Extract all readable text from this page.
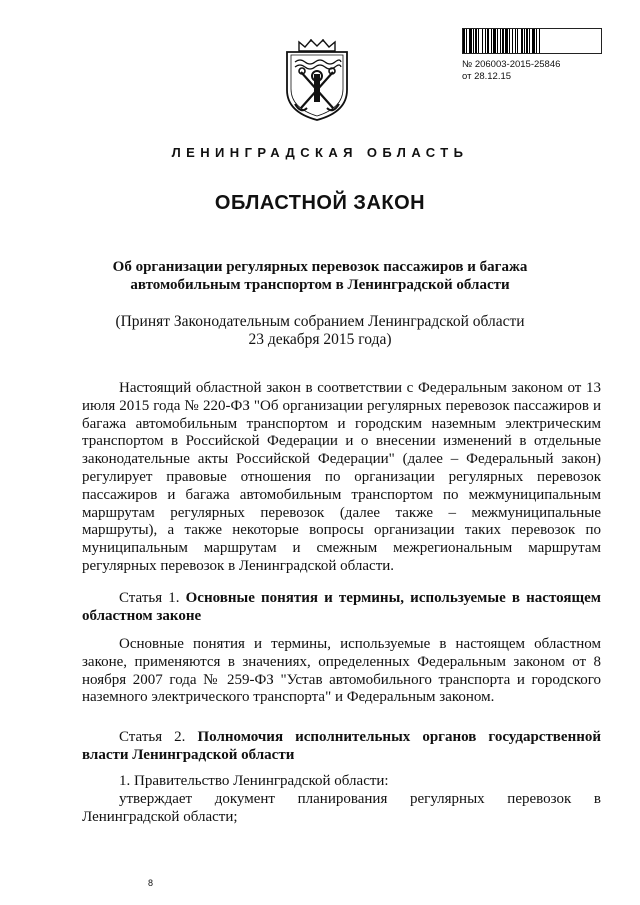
№ 206003-2015-25846
от 28.12.15
ЛЕНИНГРАДСКАЯ ОБЛАСТЬ
ОБЛАСТНОЙ ЗАКОН
Об организации регулярных перевозок пассажиров и багажа автомобильным транспортом в Ленинградской области
(Принят Законодательным собранием Ленинградской области
23 декабря 2015 года)

Настоящий областной закон в соответствии с Федеральным законом от 13 июля 2015 года № 220-ФЗ "Об организации регулярных перевозок пассажиров и багажа автомобильным транспортом и городским наземным электрическим транспортом в Российской Федерации и о внесении изменений в отдельные законодательные акты Российской Федерации" (далее – Федеральный закон) регулирует правовые отношения по организации регулярных перевозок пассажиров и багажа автомобильным транспортом по межмуниципальным маршрутам регулярных перевозок (далее также – межмуниципальные маршруты), а также некоторые вопросы организации таких перевозок по муниципальным маршрутам и смежным межрегиональным маршрутам регулярных перевозок в Ленинградской области.

Статья 1. Основные понятия и термины, используемые в настоящем областном законе

Основные понятия и термины, используемые в настоящем областном законе, применяются в значениях, определенных Федеральным законом от 8 ноября 2007 года № 259-ФЗ "Устав автомобильного транспорта и городского наземного электрического транспорта" и Федеральным законом.

Статья 2. Полномочия исполнительных органов государственной власти Ленинградской области

1. Правительство Ленинградской области:

утверждает документ планирования регулярных перевозок в Ленинградской области;

8
